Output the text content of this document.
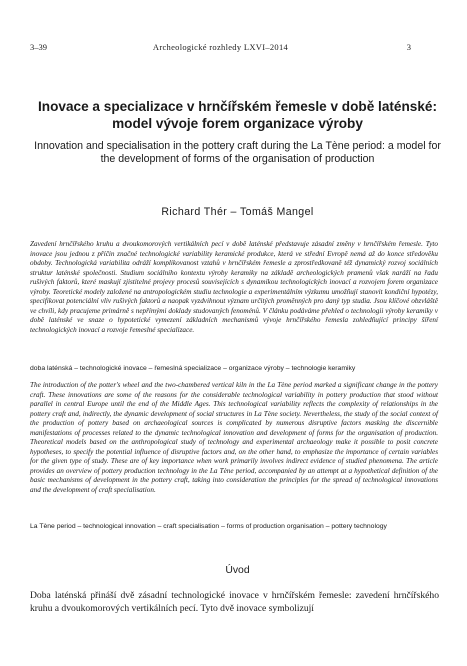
3–39	Archeologické rozhledy LXVI–2014	3
Inovace a specializace v hrnčířském řemesle v době laténské: model vývoje forem organizace výroby
Innovation and specialisation in the pottery craft during the La Tène period: a model for the development of forms of the organisation of production
Richard Thér – Tomáš Mangel
Zavedení hrnčířského kruhu a dvoukomorových vertikálních pecí v době laténské představuje zásadní změny v hrnčířském řemesle. Tyto inovace jsou jednou z příčin značné technologické variability keramické produkce, která ve střední Evropě nemá až do konce středověku obdoby. Technologická variabilita odráží komplikovanost vztahů v hrnčířském řemesle a zprostředkovaně též dynamický rozvoj sociálních struktur laténské společnosti. Studium sociálního kontextu výroby keramiky na základě archeologických pramenů však naráží na řadu rušivých faktorů, které maskují zjistitelné projevy procesů souvisejících s dynamikou technologických inovací a rozvojem forem organizace výroby. Teoretické modely založené na antropologickém studiu technologie a experimentálním výzkumu umožňují stanovit kondiční hypotézy, specifikovat potenciální vliv rušivých faktorů a naopak vyzdvihnout význam určitých proměnných pro daný typ studia. Jsou klíčové obzvláště ve chvíli, kdy pracujeme primárně s nepřímými doklady studovaných fenoménů. V článku podáváme přehled o technologii výroby keramiky v době laténské ve snaze o hypotetické vymezení základních mechanismů vývoje hrnčířského řemesla zohledňující principy šíření technologických inovací a rozvoje řemeslné specializace.
doba laténská – technologické inovace – řemeslná specializace – organizace výroby – technologie keramiky
The introduction of the potter's wheel and the two-chambered vertical kiln in the La Tène period marked a significant change in the pottery craft. These innovations are some of the reasons for the considerable technological variability in pottery production that stood without parallel in central Europe until the end of the Middle Ages. This technological variability reflects the complexity of relationships in the pottery craft and, indirectly, the dynamic development of social structures in La Tène society. Nevertheless, the study of the social context of the production of pottery based on archaeological sources is complicated by numerous disruptive factors masking the discernible manifestations of processes related to the dynamic technological innovation and development of forms for the organisation of production. Theoretical models based on the anthropological study of technology and experimental archaeology make it possible to posit concrete hypotheses, to specify the potential influence of disruptive factors and, on the other hand, to emphasize the importance of certain variables for the given type of study. These are of key importance when work primarily involves indirect evidence of studied phenomena. The article provides an overview of pottery production technology in the La Tène period, accompanied by an attempt at a hypothetical definition of the basic mechanisms of development in the pottery craft, taking into consideration the principles for the spread of technological innovations and the development of craft specialisation.
La Tène period – technological innovation – craft specialisation – forms of production organisation – pottery technology
Úvod
Doba laténská přináší dvě zásadní technologické inovace v hrnčířském řemesle: zavedení hrnčířského kruhu a dvoukomorových vertikálních pecí. Tyto dvě inovace symbolizují
